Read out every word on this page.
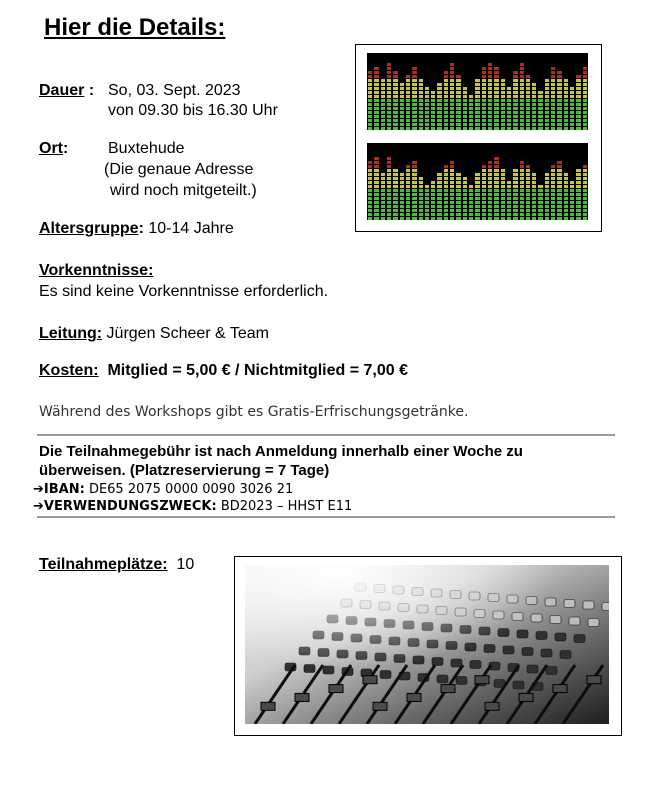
Hier die Details:
Dauer : So, 03. Sept. 2023
von 09.30 bis 16.30 Uhr
Ort: Buxtehude
(Die genaue Adresse
wird noch mitgeteilt.)
Altersgruppe: 10-14 Jahre
Vorkenntnisse:
Es sind keine Vorkenntnisse erforderlich.
Leitung: Jürgen Scheer & Team
Kosten: Mitglied = 5,00 € / Nichtmitglied = 7,00 €
Während des Workshops gibt es Gratis-Erfrischungsgetränke.
Die Teilnahmegebühr ist nach Anmeldung innerhalb einer Woche zu
überweisen. (Platzreservierung = 7 Tage)
➔IBAN: DE65 2075 0000 0090 3026 21
➔VERWENDUNGSZWECK: BD2023 – HHST E11
Teilnahmeplätze: 10
